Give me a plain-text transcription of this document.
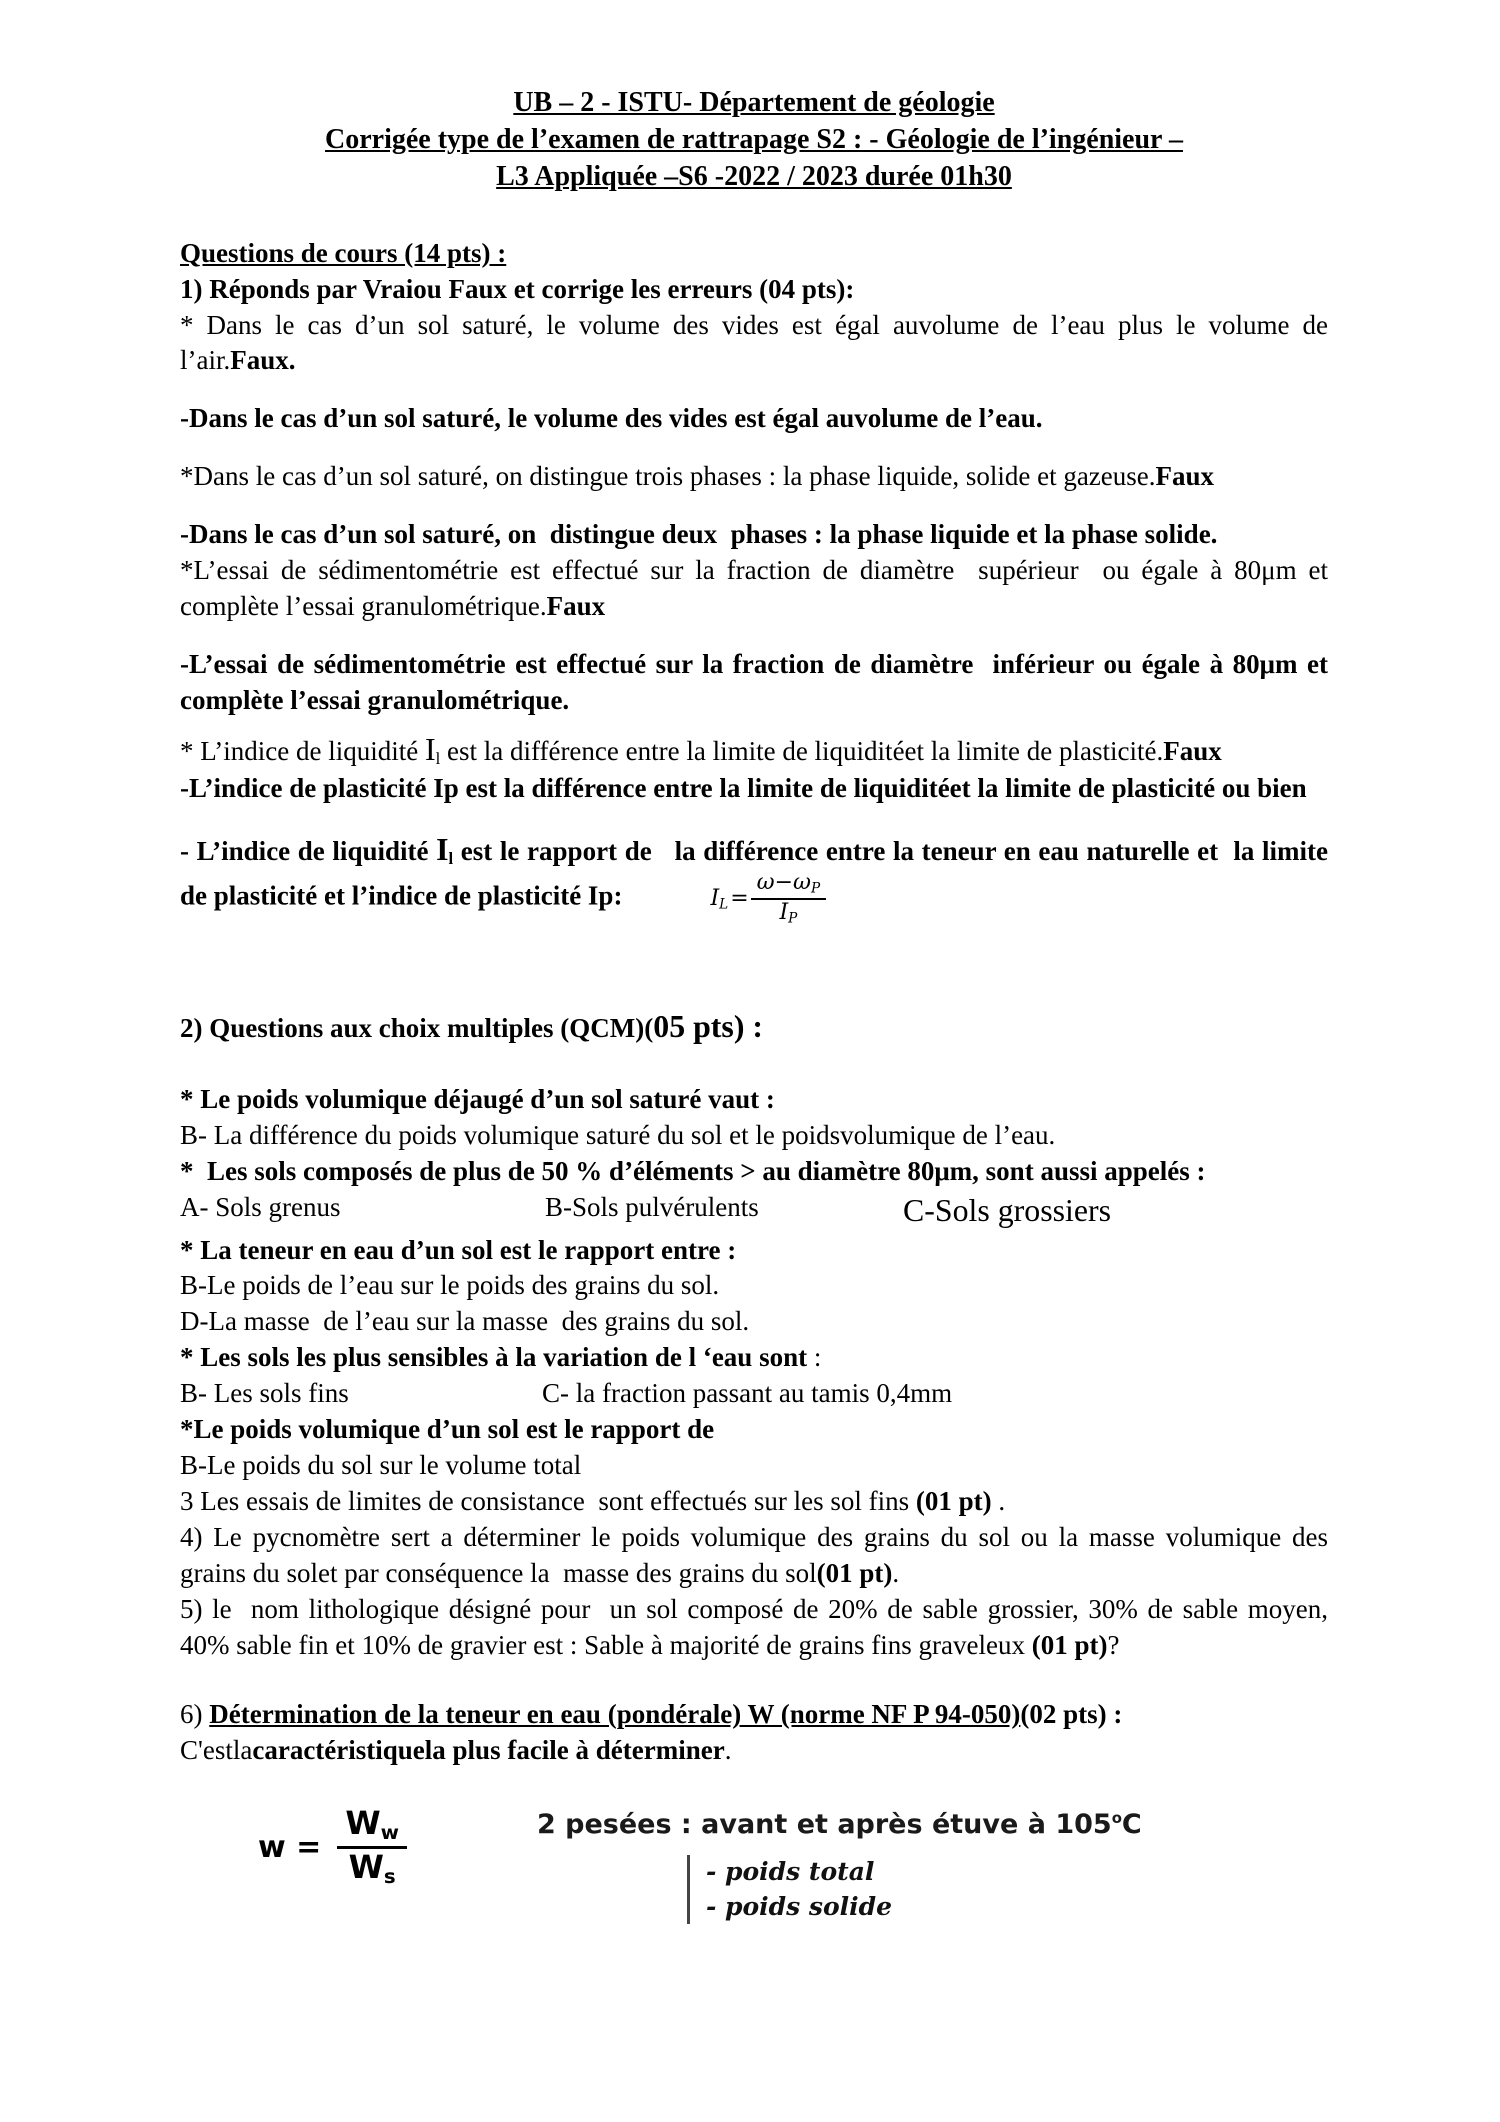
UB – 2 - ISTU- Département de géologie
Corrigée type de l’examen de rattrapage S2 : - Géologie de l’ingénieur –
L3 Appliquée –S6 -2022 / 2023 durée 01h30
Questions de cours (14 pts) :
1) Réponds par Vraiou Faux et corrige les erreurs (04 pts):
* Dans le cas d’un sol saturé, le volume des vides est égal auvolume de l’eau plus le volume de l’air.Faux.
-Dans le cas d’un sol saturé, le volume des vides est égal auvolume de l’eau.
*Dans le cas d’un sol saturé, on distingue trois phases : la phase liquide, solide et gazeuse.Faux
-Dans le cas d’un sol saturé, on  distingue deux  phases : la phase liquide et la phase solide.
*L’essai de sédimentométrie est effectué sur la fraction de diamètre  supérieur  ou égale à 80μm et complète l’essai granulométrique.Faux
-L’essai de sédimentométrie est effectué sur la fraction de diamètre  inférieur ou égale à 80μm et complète l’essai granulométrique.
* L’indice de liquidité $I_l$ est la différence entre la limite de liquiditéet la limite de plasticité.Faux
-L’indice de plasticité Ip est la différence entre la limite de liquiditéet la limite de plasticité ou bien
- L’indice de liquidité $I_l$ est le rapport de   la différence entre la teneur en eau naturelle et  la limite de plasticité et l’indice de plasticité Ip:	$I_L= \frac{\omega-\omega_P}{I_P}$
2) Questions aux choix multiples (QCM)(05 pts) :
* Le poids volumique déjaugé d’un sol saturé vaut :
B- La différence du poids volumique saturé du sol et le poidsvolumique de l’eau.
*  Les sols composés de plus de 50 % d’éléments > au diamètre 80μm, sont aussi appelés :
A- Sols grenus	B-Sols pulvérulents	C-Sols grossiers
* La teneur en eau d’un sol est le rapport entre :
B-Le poids de l’eau sur le poids des grains du sol.
D-La masse  de l’eau sur la masse  des grains du sol.
* Les sols les plus sensibles à la variation de l ‘eau sont :
B- Les sols fins	C- la fraction passant au tamis 0,4mm
*Le poids volumique d’un sol est le rapport de
B-Le poids du sol sur le volume total
3 Les essais de limites de consistance  sont effectués sur les sol fins (01 pt) .
4) Le pycnomètre sert a déterminer le poids volumique des grains du sol ou la masse volumique des grains du solet par conséquence la  masse des grains du sol(01 pt).
5) le  nom lithologique désigné pour  un sol composé de 20% de sable grossier, 30% de sable moyen, 40% sable fin et 10% de gravier est : Sable à majorité de grains fins graveleux (01 pt)?
6) Détermination de la teneur en eau (pondérale) W (norme NF P 94-050)(02 pts) :
C'estlacaractéristiquela plus facile à déterminer.
$w = \frac{W_w}{W_s}$	2 pesées : avant et après étuve à 105$^o$C
- poids total
- poids solide
